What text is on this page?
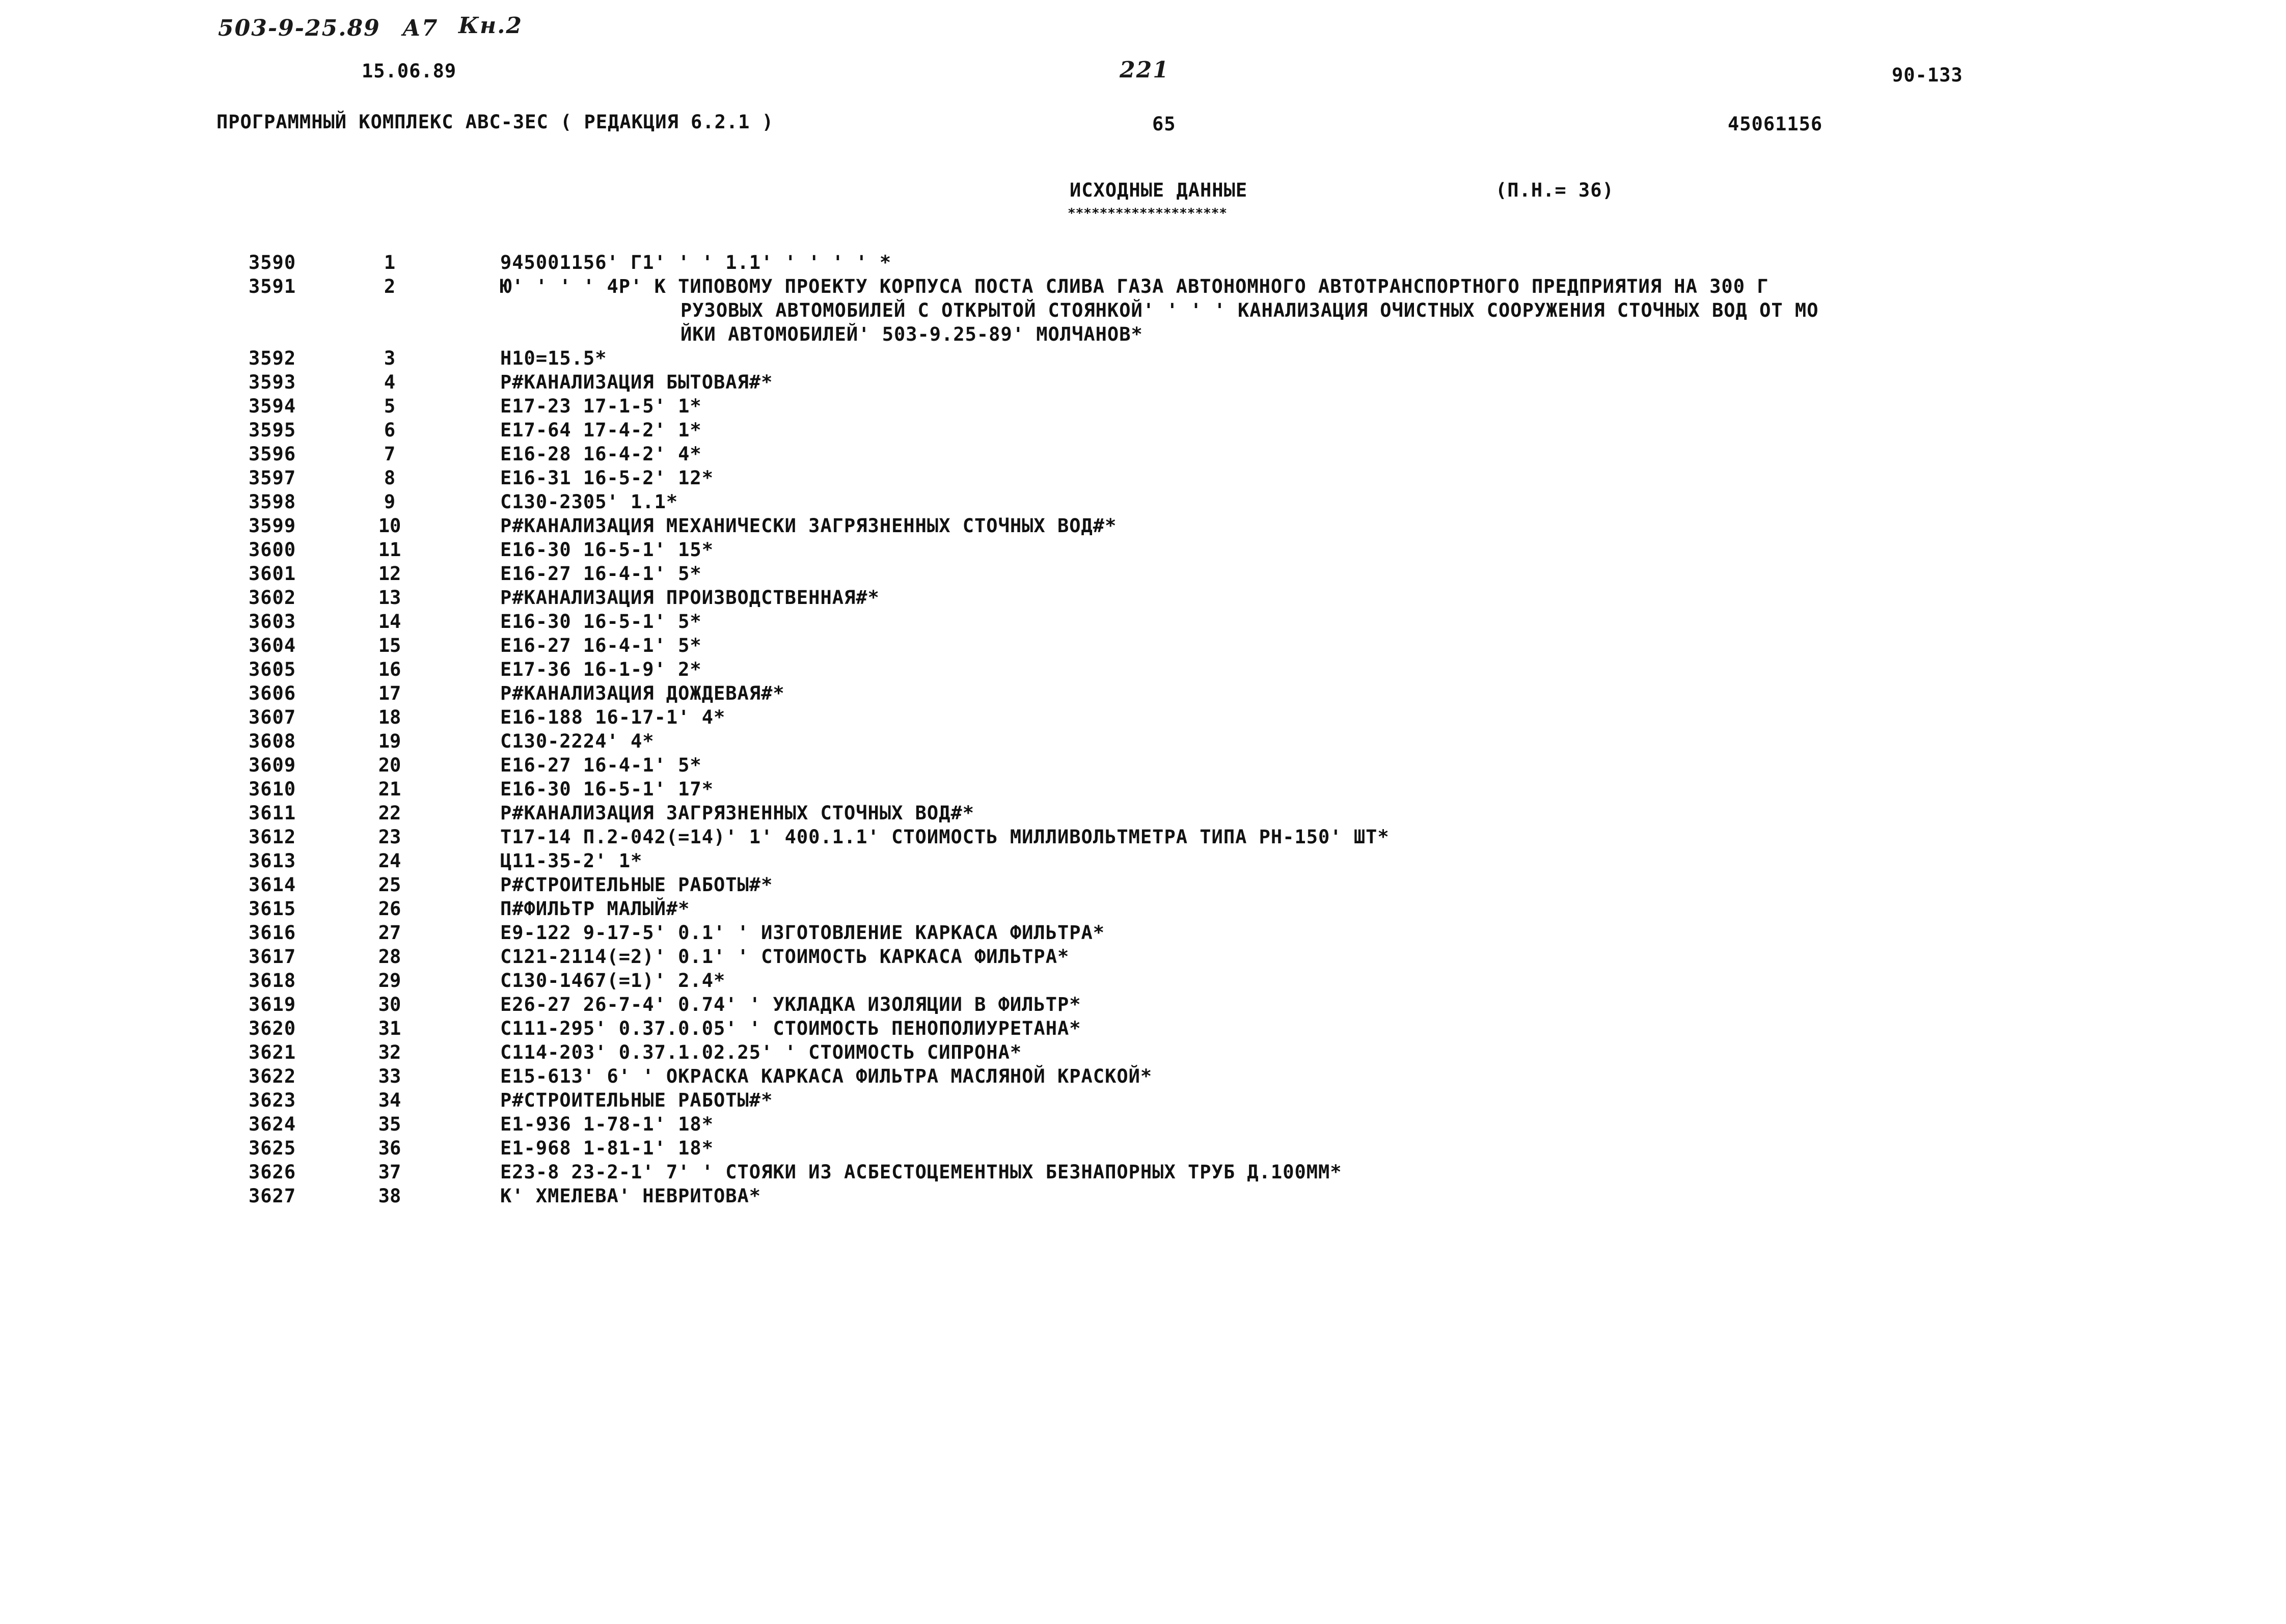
503-9-25.89 А7 Кн.2
221
15.06.89	90-133
ПРОГРАММНЫЙ КОМПЛЕКС АВС-3ЕС ( РЕДАКЦИЯ 6.2.1 )	65	45061156
ИСХОДНЫЕ ДАННЫЕ	(П.Н.= 36)
********************
3590	1	945001156' Г1' ' ' 1.1' ' ' ' ' *
3591	2	Ю' ' ' ' 4Р' К ТИПОВОМУ ПРОЕКТУ КОРПУСА ПОСТА СЛИВА ГАЗА АВТОНОМНОГО АВТОТРАНСПОРТНОГО ПРЕДПРИЯТИЯ НА 300 Г
РУЗОВЫХ АВТОМОБИЛЕЙ С ОТКРЫТОЙ СТОЯНКОЙ' ' ' ' КАНАЛИЗАЦИЯ ОЧИСТНЫХ СООРУЖЕНИЯ СТОЧНЫХ ВОД ОТ МО
ЙКИ АВТОМОБИЛЕЙ' 503-9.25-89' МОЛЧАНОВ*
3592	3	Н10=15.5*
3593	4	Р#КАНАЛИЗАЦИЯ БЫТОВАЯ#*
3594	5	Е17-23 17-1-5' 1*
3595	6	Е17-64 17-4-2' 1*
3596	7	Е16-28 16-4-2' 4*
3597	8	Е16-31 16-5-2' 12*
3598	9	С130-2305' 1.1*
3599	10	Р#КАНАЛИЗАЦИЯ МЕХАНИЧЕСКИ ЗАГРЯЗНЕННЫХ СТОЧНЫХ ВОД#*
3600	11	Е16-30 16-5-1' 15*
3601	12	Е16-27 16-4-1' 5*
3602	13	Р#КАНАЛИЗАЦИЯ ПРОИЗВОДСТВЕННАЯ#*
3603	14	Е16-30 16-5-1' 5*
3604	15	Е16-27 16-4-1' 5*
3605	16	Е17-36 16-1-9' 2*
3606	17	Р#КАНАЛИЗАЦИЯ ДОЖДЕВАЯ#*
3607	18	Е16-188 16-17-1' 4*
3608	19	С130-2224' 4*
3609	20	Е16-27 16-4-1' 5*
3610	21	Е16-30 16-5-1' 17*
3611	22	Р#КАНАЛИЗАЦИЯ ЗАГРЯЗНЕННЫХ СТОЧНЫХ ВОД#*
3612	23	Т17-14 П.2-042(=14)' 1' 400.1.1' СТОИМОСТЬ МИЛЛИВОЛЬТМЕТРА ТИПА РН-150' ШТ*
3613	24	Ц11-35-2' 1*
3614	25	Р#СТРОИТЕЛЬНЫЕ РАБОТЫ#*
3615	26	П#ФИЛЬТР МАЛЫЙ#*
3616	27	Е9-122 9-17-5' 0.1' ' ИЗГОТОВЛЕНИЕ КАРКАСА ФИЛЬТРА*
3617	28	С121-2114(=2)' 0.1' ' СТОИМОСТЬ КАРКАСА ФИЛЬТРА*
3618	29	С130-1467(=1)' 2.4*
3619	30	Е26-27 26-7-4' 0.74' ' УКЛАДКА ИЗОЛЯЦИИ В ФИЛЬТР*
3620	31	С111-295' 0.37.0.05' ' СТОИМОСТЬ ПЕНОПОЛИУРЕТАНА*
3621	32	С114-203' 0.37.1.02.25' ' СТОИМОСТЬ СИПРОНА*
3622	33	Е15-613' 6' ' ОКРАСКА КАРКАСА ФИЛЬТРА МАСЛЯНОЙ КРАСКОЙ*
3623	34	Р#СТРОИТЕЛЬНЫЕ РАБОТЫ#*
3624	35	Е1-936 1-78-1' 18*
3625	36	Е1-968 1-81-1' 18*
3626	37	Е23-8 23-2-1' 7' ' СТОЯКИ ИЗ АСБЕСТОЦЕМЕНТНЫХ БЕЗНАПОРНЫХ ТРУБ Д.100ММ*
3627	38	К' ХМЕЛЕВА' НЕВРИТОВА*
